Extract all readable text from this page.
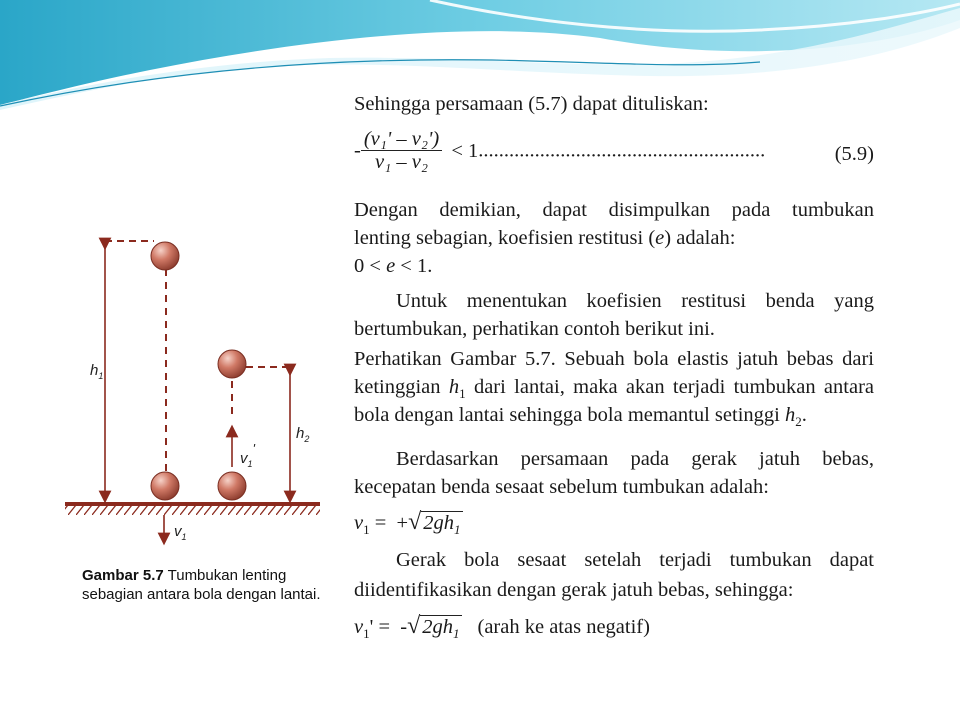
$h_1$
$h_2$
$v_1'$
$v_1$
Gambar 5.7 Tumbukan lenting sebagian antara bola dengan lantai.
Sehingga persamaan (5.7) dapat dituliskan:
- $\frac{\text{(v₁' – v₂')}}{\text{v₁ – v₂}} < 1$........................................................	(5.9)
Dengan demikian, dapat disimpulkan pada tumbukan
lenting sebagian, koefisien restitusi (e) adalah:
0 < e < 1.
Untuk menentukan koefisien restitusi benda yang
bertumbukan, perhatikan contoh berikut ini.
Perhatikan Gambar 5.7. Sebuah bola elastis jatuh bebas dari
ketinggian $h_1$ dari lantai, maka akan terjadi tumbukan antara
bola dengan lantai sehingga bola memantul setinggi $h_2$.
Berdasarkan persamaan pada gerak jatuh bebas,
kecepatan benda sesaat sebelum tumbukan adalah:
$v_1 = +√2gh_1$
Gerak bola sesaat setelah terjadi tumbukan dapat
diidentifikasikan dengan gerak jatuh bebas, sehingga:
$v_1' = -√2gh_1$ (arah ke atas negatif)
